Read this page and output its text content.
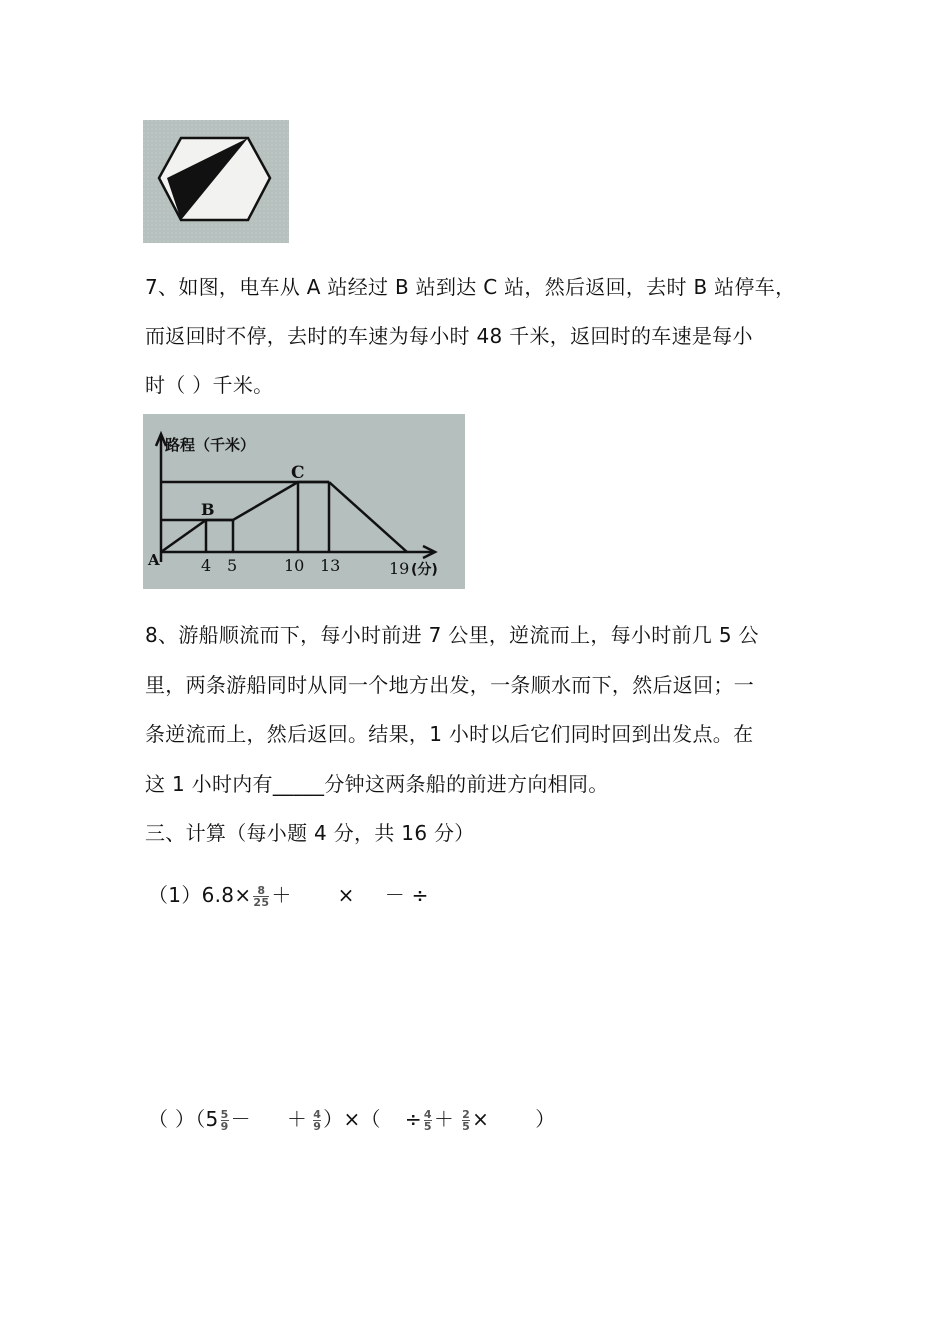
7、如图，电车从 A 站经过 B 站到达 C 站，然后返回，去时 B 站停车，
而返回时不停，去时的车速为每小时 48 千米，返回时的车速是每小
时（ ）千米。
路程（千米）
A
B
C
4 5	10 13	19 (分)
8、游船顺流而下，每小时前进 7 公里，逆流而上，每小时前几 5 公
里，两条游船同时从同一个地方出发，一条顺水而下，然后返回；一
条逆流而上，然后返回。结果，1 小时以后它们同时回到出发点。在
这 1 小时内有_____分钟这两条船的前进方向相同。
三、计算（每小题 4 分，共 16 分）
$(1)6.8\times \frac{8}{25}$ ＋ × － ÷
（ ）（$5 \frac{5}{9}$ － ＋ $\frac{4}{9}$ ）×（ ÷ $\frac{4}{5} + \frac{2}{5}$ × ）
